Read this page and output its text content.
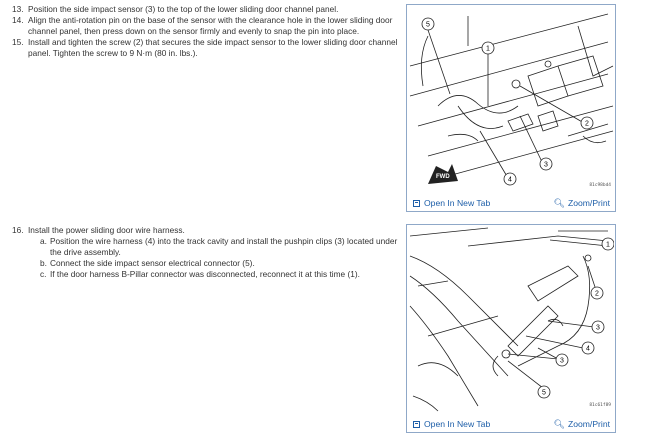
13. Position the side impact sensor (3) to the top of the lower sliding door channel panel.
14. Align the anti-rotation pin on the base of the sensor with the clearance hole in the lower sliding door channel panel, then press down on the sensor firmly and evenly to snap the pin into place.
15. Install and tighten the screw (2) that secures the side impact sensor to the lower sliding door channel panel. Tighten the screw to 9 N·m (80 in. lbs.).
16. Install the power sliding door wire harness.
a. Position the wire harness (4) into the track cavity and install the pushpin clips (3) located under the drive assembly.
b. Connect the side impact sensor electrical connector (5).
c. If the door harness B-Pillar connector was disconnected, reconnect it at this time (1).
FWD
5
1
2
3
4
81c98bd4
Open In New Tab	🔍︎ Zoom/Print
1
2
3
4
3
5
81c61f89
Open In New Tab	🔍︎ Zoom/Print
